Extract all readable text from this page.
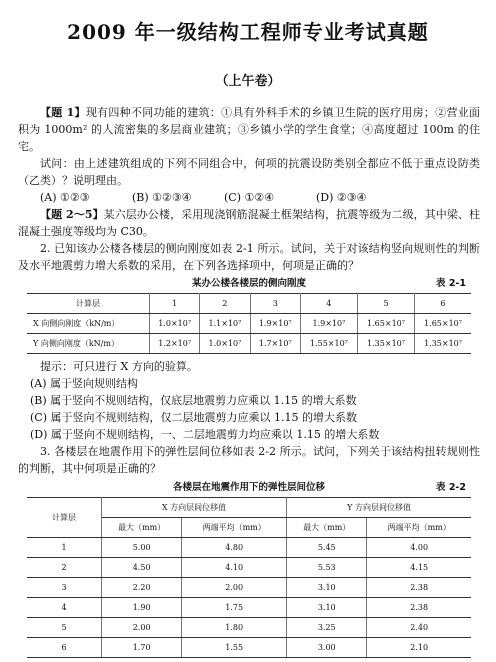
2009 年一级结构工程师专业考试真题
（上午卷）

【题 1】现有四种不同功能的建筑：①具有外科手术的乡镇卫生院的医疗用房；②营业面积为 1000m² 的人流密集的多层商业建筑；③乡镇小学的学生食堂；④高度超过 100m 的住宅。

试问：由上述建筑组成的下列不同组合中，何项的抗震设防类别全都应不低于重点设防类（乙类）？说明理由。

(A) ①②③	(B) ①②③④	(C) ①②④	(D) ②③④

【题 2～5】某六层办公楼，采用现浇钢筋混凝土框架结构，抗震等级为二级，其中梁、柱混凝土强度等级均为 C30。

2. 已知该办公楼各楼层的侧向刚度如表 2-1 所示。试问，关于对该结构竖向规则性的判断及水平地震剪力增大系数的采用，在下列各选择项中，何项是正确的？

某办公楼各楼层的侧向刚度	表 2-1
计算层	1	2	3	4	5	6
X 向侧向刚度（kN/m）	1.0×10⁷	1.1×10⁷	1.9×10⁷	1.9×10⁷	1.65×10⁷	1.65×10⁷
Y 向侧向刚度（kN/m）	1.2×10⁷	1.0×10⁷	1.7×10⁷	1.55×10⁷	1.35×10⁷	1.35×10⁷

提示：可只进行 X 方向的验算。

(A) 属于竖向规则结构

(B) 属于竖向不规则结构，仅底层地震剪力应乘以 1.15 的增大系数

(C) 属于竖向不规则结构，仅二层地震剪力应乘以 1.15 的增大系数

(D) 属于竖向不规则结构，一、二层地震剪力均应乘以 1.15 的增大系数

3. 各楼层在地震作用下的弹性层间位移如表 2-2 所示。试问，下列关于该结构扭转规则性的判断，其中何项是正确的？

各楼层在地震作用下的弹性层间位移	表 2-2
计算层	X 方向层间位移值		Y 方向层间位移值	
	最大（mm）	两端平均（mm）	最大（mm）	两端平均（mm）
1	5.00	4.80	5.45	4.00
2	4.50	4.10	5.53	4.15
3	2.20	2.00	3.10	2.38
4	1.90	1.75	3.10	2.38
5	2.00	1.80	3.25	2.40
6	1.70	1.55	3.00	2.10
